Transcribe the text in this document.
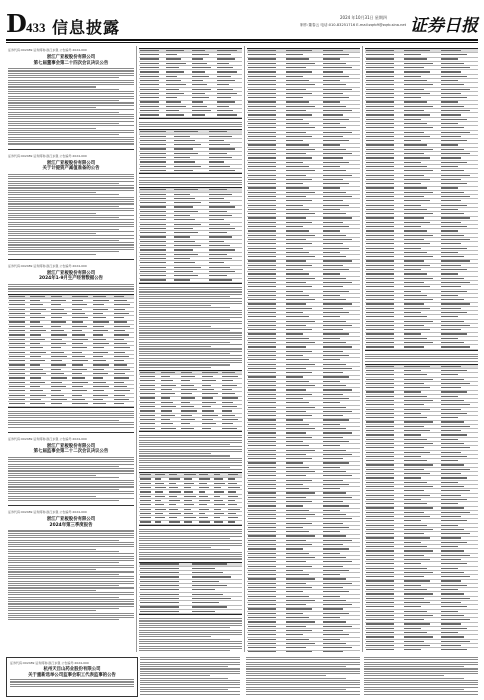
D 433 信息披露
2024 年10月31日 星期四
制作:董春云 电话:010-83251716 E-mail:zqrb9@zqrb.sina.net 证券日报
证券代码:002489 证券简称:浙江永强 公告编号:2024-000
浙江广亚板股份有限公司
第七届董事会第二十四次会议决议公告
证券代码:002489 证券简称:浙江永强 公告编号:2024-000
浙江广亚板股份有限公司
关于计提资产减值准备的公告
证券代码:002489 证券简称:浙江永强 公告编号:2024-000
浙江广亚板股份有限公司
2024年1-9月生产经营数据公告
证券代码:002489 证券简称:浙江永强 公告编号:2024-000
浙江广亚板股份有限公司
第七届监事会第二十二次会议决议公告
证券代码:002489 证券简称:浙江永强 公告编号:2024-000
浙江广亚板股份有限公司
2024年第三季度报告
证券代码:002489 证券简称:浙江永强 公告编号:2024-000
杭州天目山药业股份有限公司
关于重新选举公司监事会职工代表监事的公告
